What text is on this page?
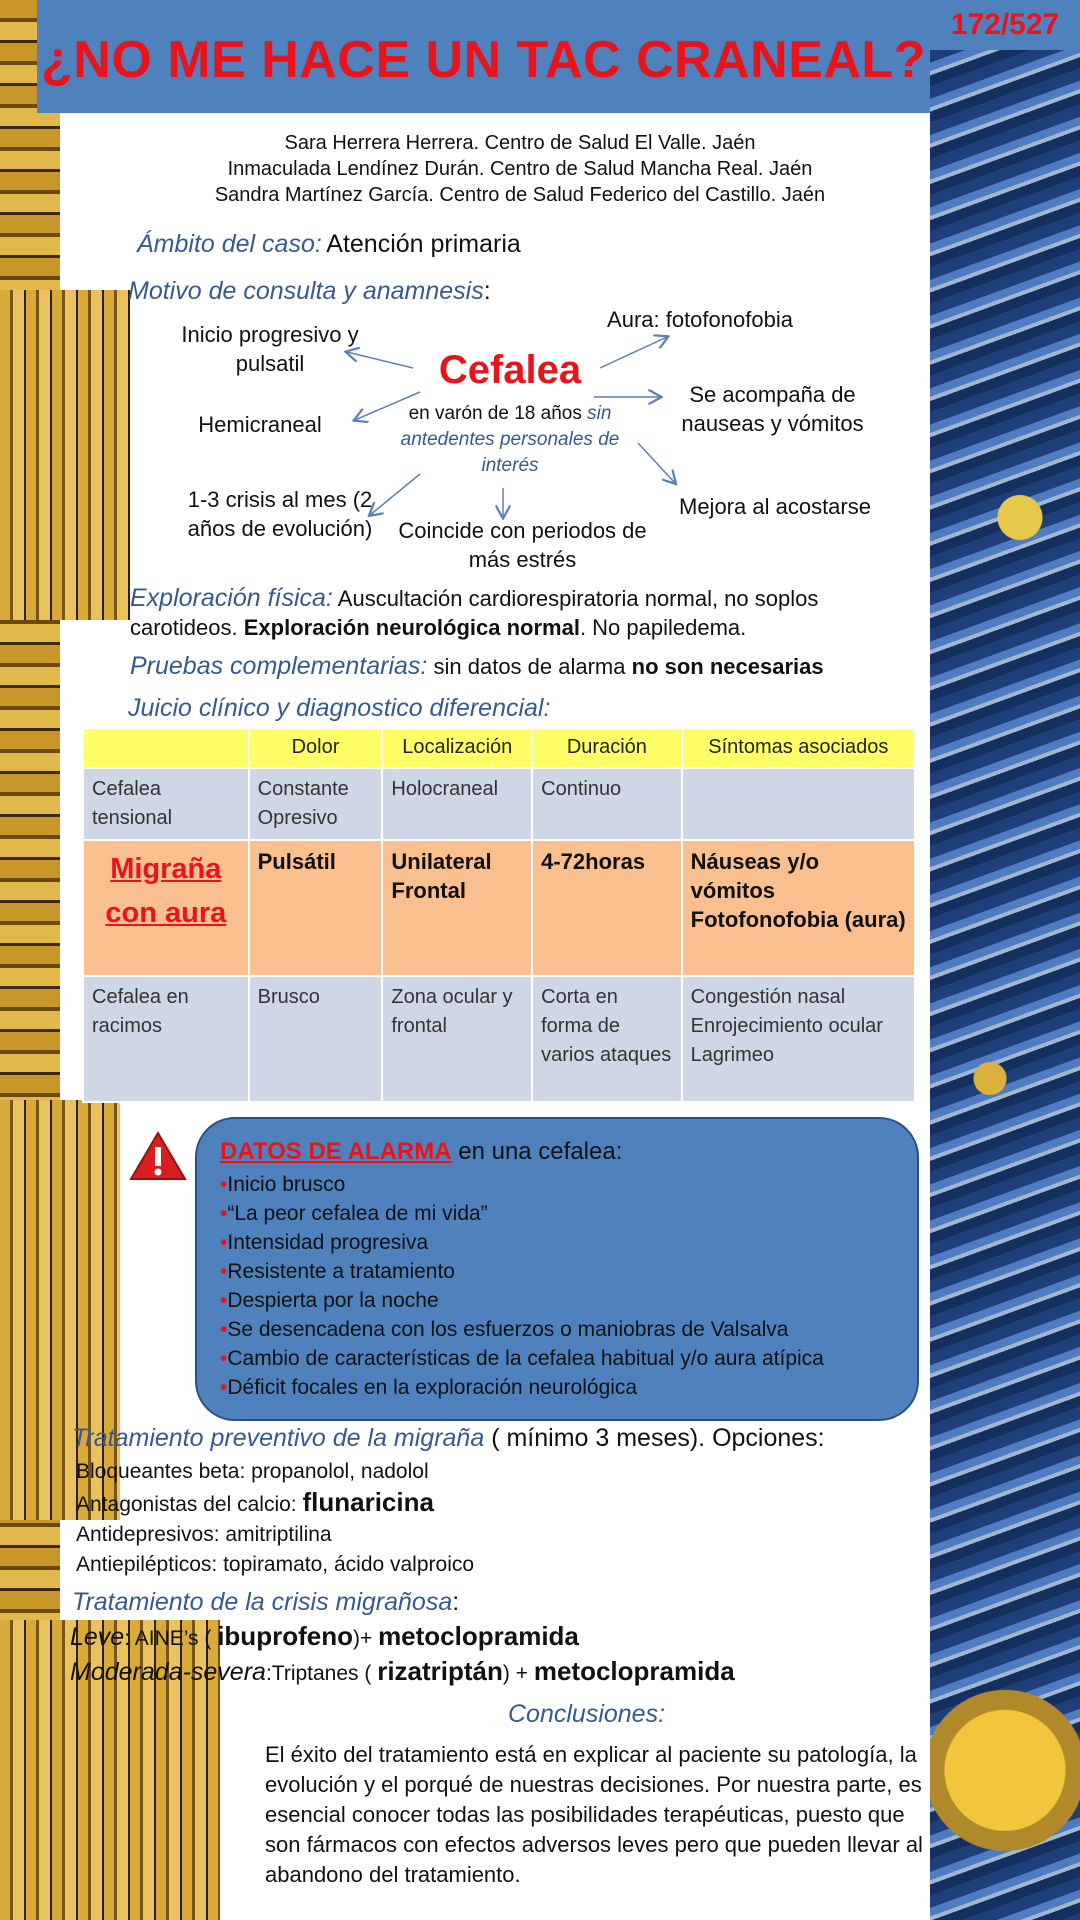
¿NO ME HACE UN TAC CRANEAL?
172/527
Sara Herrera Herrera. Centro de Salud El Valle. Jaén
Inmaculada Lendínez Durán. Centro de Salud Mancha Real. Jaén
Sandra Martínez García. Centro de Salud Federico del Castillo. Jaén
Ámbito del caso: Atención primaria
Motivo de consulta y anamnesis:
Inicio progresivo y pulsatil
Aura: fotofonofobia
Hemicraneal
Se acompaña de nauseas y vómitos
1-3 crisis al mes (2 años de evolución)	Coincide con periodos de más estrés
Mejora al acostarse
Cefalea
en varón de 18 años sin antedentes personales de interés
Exploración física: Auscultación cardiorespiratoria normal, no soplos carotideos. Exploración neurológica normal. No papiledema.
Pruebas complementarias: sin datos de alarma no son necesarias
Juicio clínico y diagnostico diferencial:
	Dolor	Localización	Duración	Síntomas asociados
Cefalea tensional	Constante Opresivo	Holocraneal	Continuo	

Migraña con aura	Pulsátil	Unilateral Frontal	4-72horas	Náuseas y/o vómitos Fotofonofobia (aura)
Cefalea en racimos	Brusco	Zona ocular y frontal	Corta en forma de varios ataques	Congestión nasal Enrojecimiento ocular Lagrimeo
DATOS DE ALARMA en una cefalea:
• Inicio brusco
• “La peor cefalea de mi vida”
• Intensidad progresiva
• Resistente a tratamiento
• Despierta por la noche
• Se desencadena con los esfuerzos o maniobras de Valsalva
• Cambio de características de la cefalea habitual y/o aura atípica
• Déficit focales en la exploración neurológica
Tratamiento preventivo de la migraña ( mínimo 3 meses). Opciones:
Bloqueantes beta: propanolol, nadolol
Antagonistas del calcio: flunaricina
Antidepresivos: amitriptilina
Antiepilépticos: topiramato, ácido valproico
Tratamiento de la crisis migrañosa:
Leve: AINE’s ( ibuprofeno)+ metoclopramida
Moderada-severa:Triptanes ( rizatriptán) + metoclopramida
Conclusiones:
El éxito del tratamiento está en explicar al paciente su patología, la evolución y el porqué de nuestras decisiones. Por nuestra parte, es esencial conocer todas las posibilidades terapéuticas, puesto que son fármacos con efectos adversos leves pero que pueden llevar al abandono del tratamiento.
